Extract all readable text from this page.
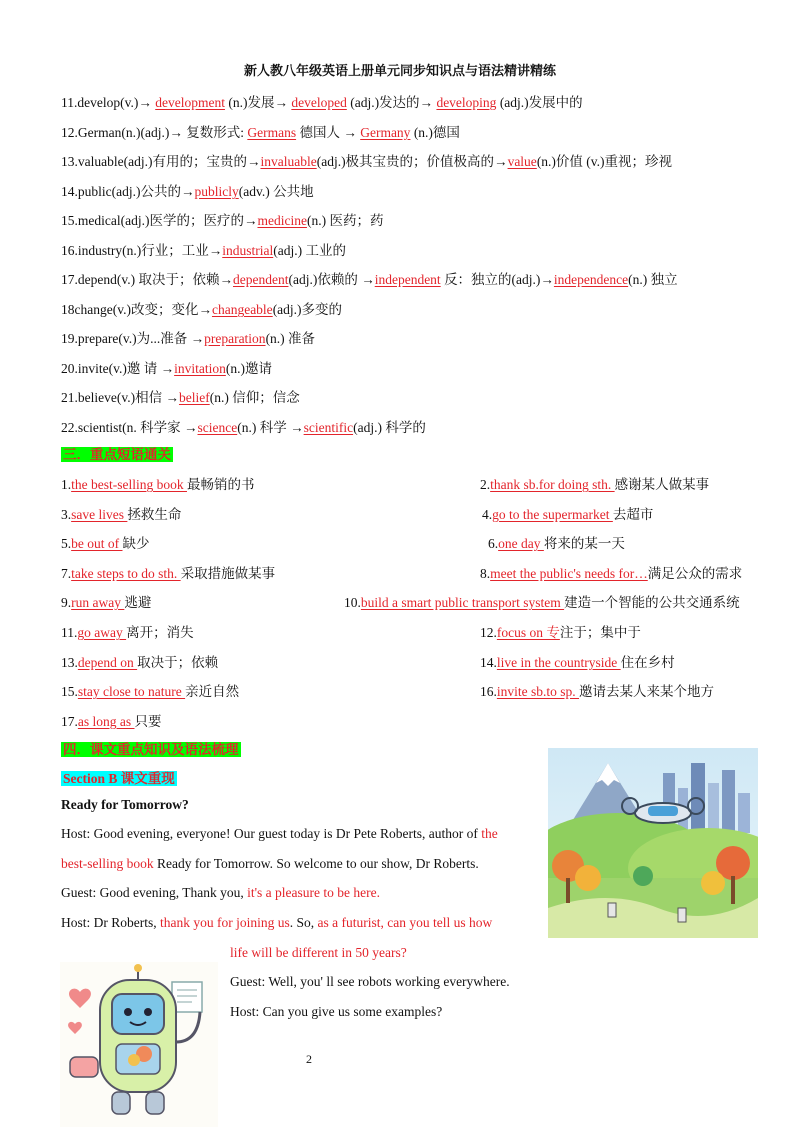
新人教八年级英语上册单元同步知识点与语法精讲精练
11.develop(v.)→ development (n.)发展→ developed (adj.)发达的→ developing (adj.)发展中的
12.German(n.)(adj.)→ 复数形式: Germans 德国人 → Germany (n.)德国
13.valuable(adj.)有用的；宝贵的→invaluable(adj.)极其宝贵的；价值极高的→value(n.)价值 (v.)重视；珍视
14.public(adj.)公共的→publicly(adv.) 公共地
15.medical(adj.)医学的；医疗的→medicine(n.) 医药；药
16.industry(n.)行业；工业→industrial(adj.) 工业的
17.depend(v.) 取决于；依赖→dependent(adj.)依赖的 →independent 反：独立的(adj.)→independence(n.) 独立
18change(v.)改变；变化→changeable(adj.)多变的
19.prepare(v.)为...准备 →preparation(n.) 准备
20.invite(v.)邀 请 →invitation(n.)邀请
21.believe(v.)相信 →belief(n.) 信仰；信念
22.scientist(n. 科学家 →science(n.) 科学 →scientific(adj.) 科学的
三．重点短语通关
1.the best-selling book 最畅销的书	2.thank sb.for doing sth. 感谢某人做某事
3.save lives 拯救生命	4.go to the supermarket 去超市
5.be out of 缺少	6.one day 将来的某一天
7.take steps to do sth. 采取措施做某事	8.meet the public's needs for…满足公众的需求
9.run away 逃避	10.build a smart public transport system 建造一个智能的公共交通系统
11.go away 离开；消失	12.focus on 专注于；集中于
13.depend on 取决于；依赖	14.live in the countryside 住在乡村
15.stay close to nature 亲近自然	16.invite sb.to sp. 邀请去某人来某个地方
17.as long as 只要
四．课文重点知识及语法梳理
Section B 课文重现
Ready for Tomorrow?
Host: Good evening, everyone! Our guest today is Dr Pete Roberts, author of the
best-selling book Ready for Tomorrow. So welcome to our show, Dr Roberts.
Guest: Good evening, Thank you, it's a pleasure to be here.
Host: Dr Roberts, thank you for joining us. So, as a futurist, can you tell us how
life will be different in 50 years?
Guest: Well, you' ll see robots working everywhere.
Host: Can you give us some examples?
2
